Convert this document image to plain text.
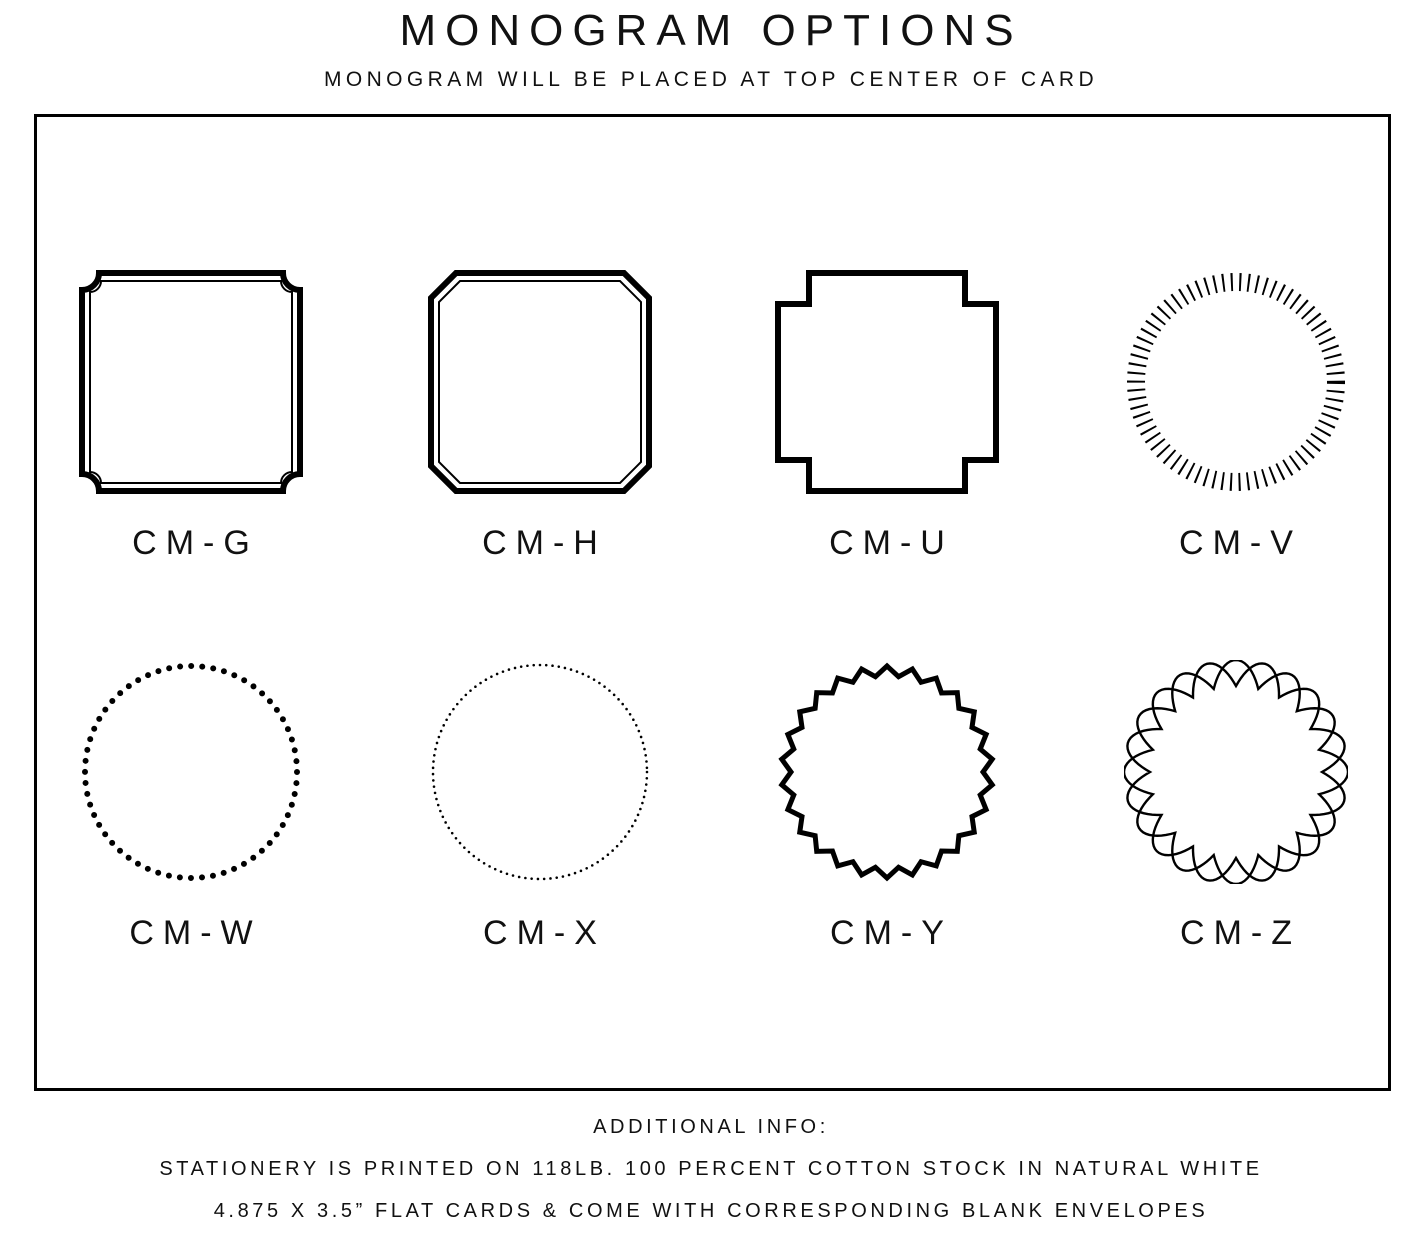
MONOGRAM OPTIONS
MONOGRAM WILL BE PLACED AT TOP CENTER OF CARD
CM-G	CM-H	CM-U	CM-V
CM-W	CM-X	CM-Y	CM-Z
ADDITIONAL INFO:
STATIONERY IS PRINTED ON 118LB. 100 PERCENT COTTON STOCK IN NATURAL WHITE
4.875 X 3.5” FLAT CARDS & COME WITH CORRESPONDING BLANK ENVELOPES
